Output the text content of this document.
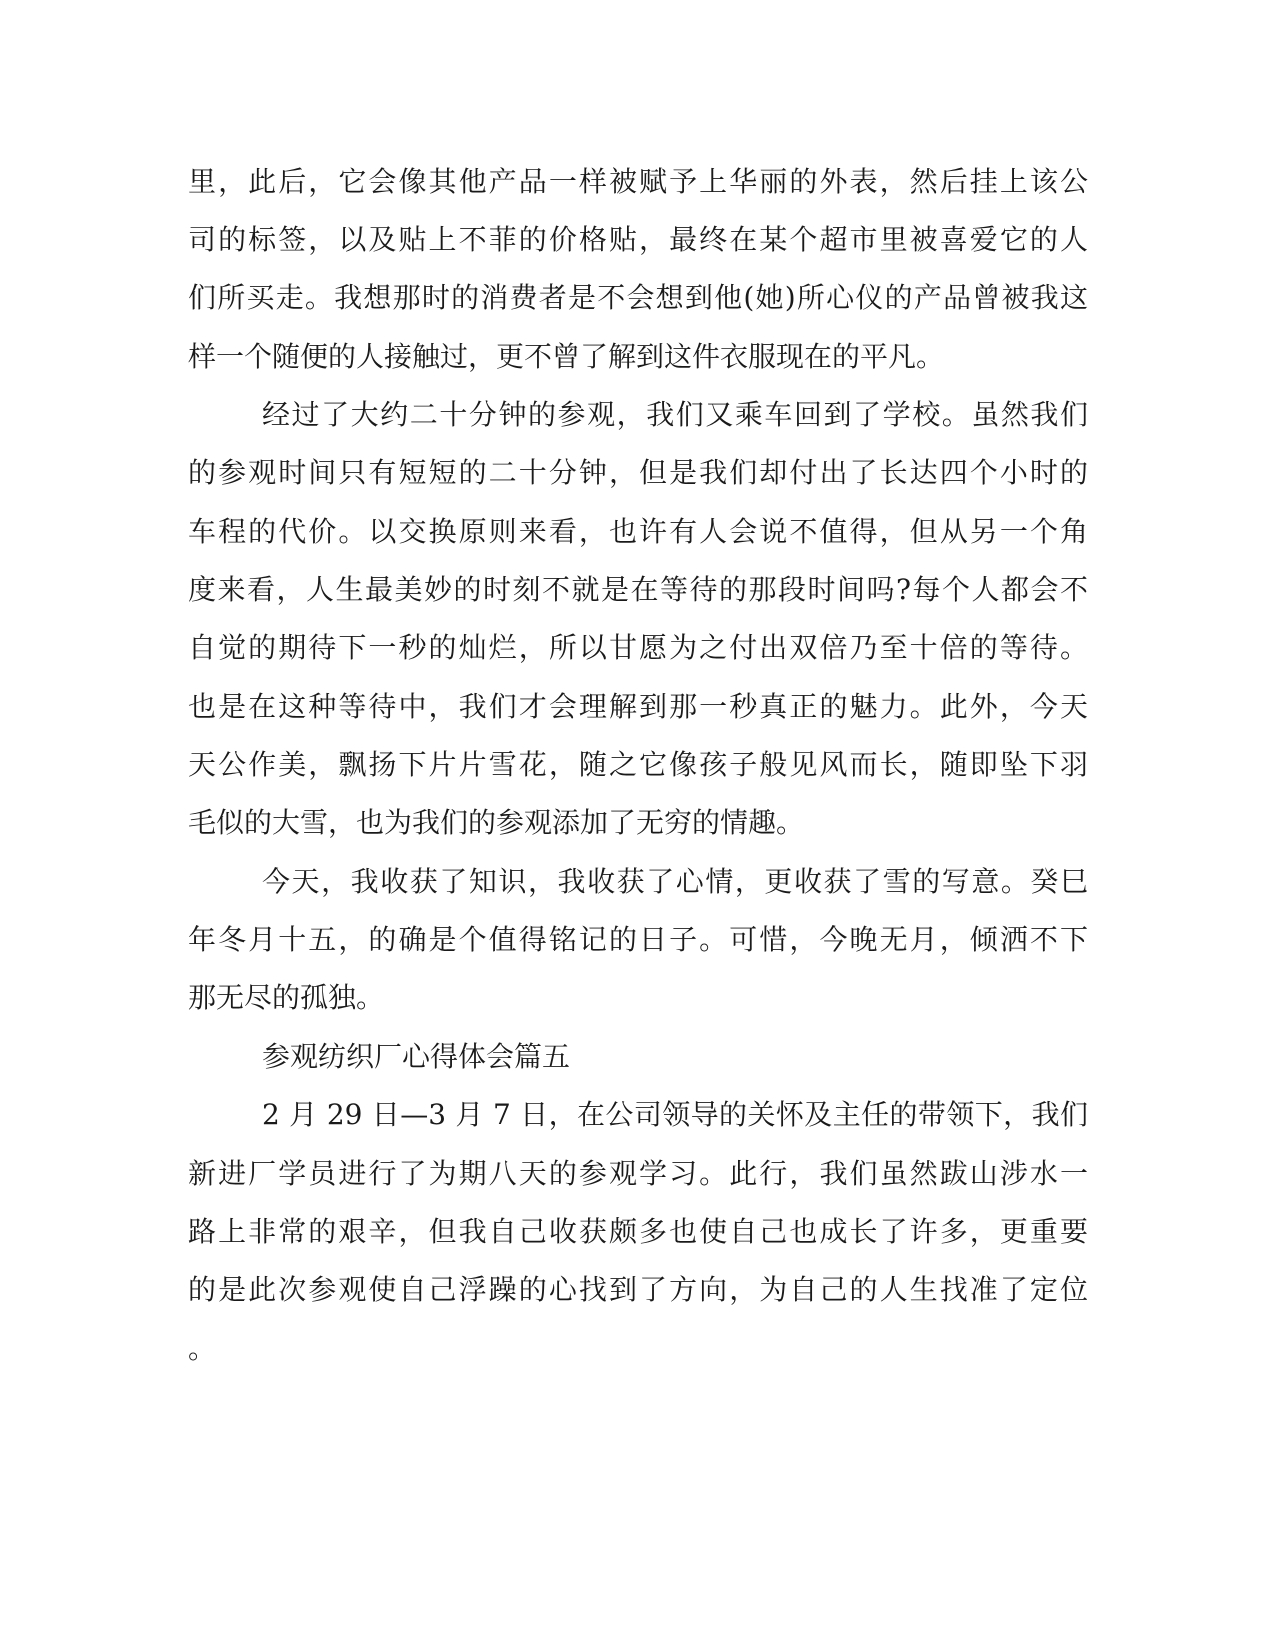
里，此后，它会像其他产品一样被赋予上华丽的外表，然后挂上该公
司的标签，以及贴上不菲的价格贴，最终在某个超市里被喜爱它的人
们所买走。我想那时的消费者是不会想到他(她)所心仪的产品曾被我这
样一个随便的人接触过，更不曾了解到这件衣服现在的平凡。
经过了大约二十分钟的参观，我们又乘车回到了学校。虽然我们
的参观时间只有短短的二十分钟，但是我们却付出了长达四个小时的
车程的代价。以交换原则来看，也许有人会说不值得，但从另一个角
度来看，人生最美妙的时刻不就是在等待的那段时间吗?每个人都会不
自觉的期待下一秒的灿烂，所以甘愿为之付出双倍乃至十倍的等待。
也是在这种等待中，我们才会理解到那一秒真正的魅力。此外，今天
天公作美，飘扬下片片雪花，随之它像孩子般见风而长，随即坠下羽
毛似的大雪，也为我们的参观添加了无穷的情趣。
今天，我收获了知识，我收获了心情，更收获了雪的写意。癸巳
年冬月十五，的确是个值得铭记的日子。可惜，今晚无月，倾洒不下
那无尽的孤独。
参观纺织厂心得体会篇五
2 月 29 日—3 月 7 日，在公司领导的关怀及主任的带领下，我们
新进厂学员进行了为期八天的参观学习。此行，我们虽然跋山涉水一
路上非常的艰辛，但我自己收获颇多也使自己也成长了许多，更重要
的是此次参观使自己浮躁的心找到了方向，为自己的人生找准了定位
。
